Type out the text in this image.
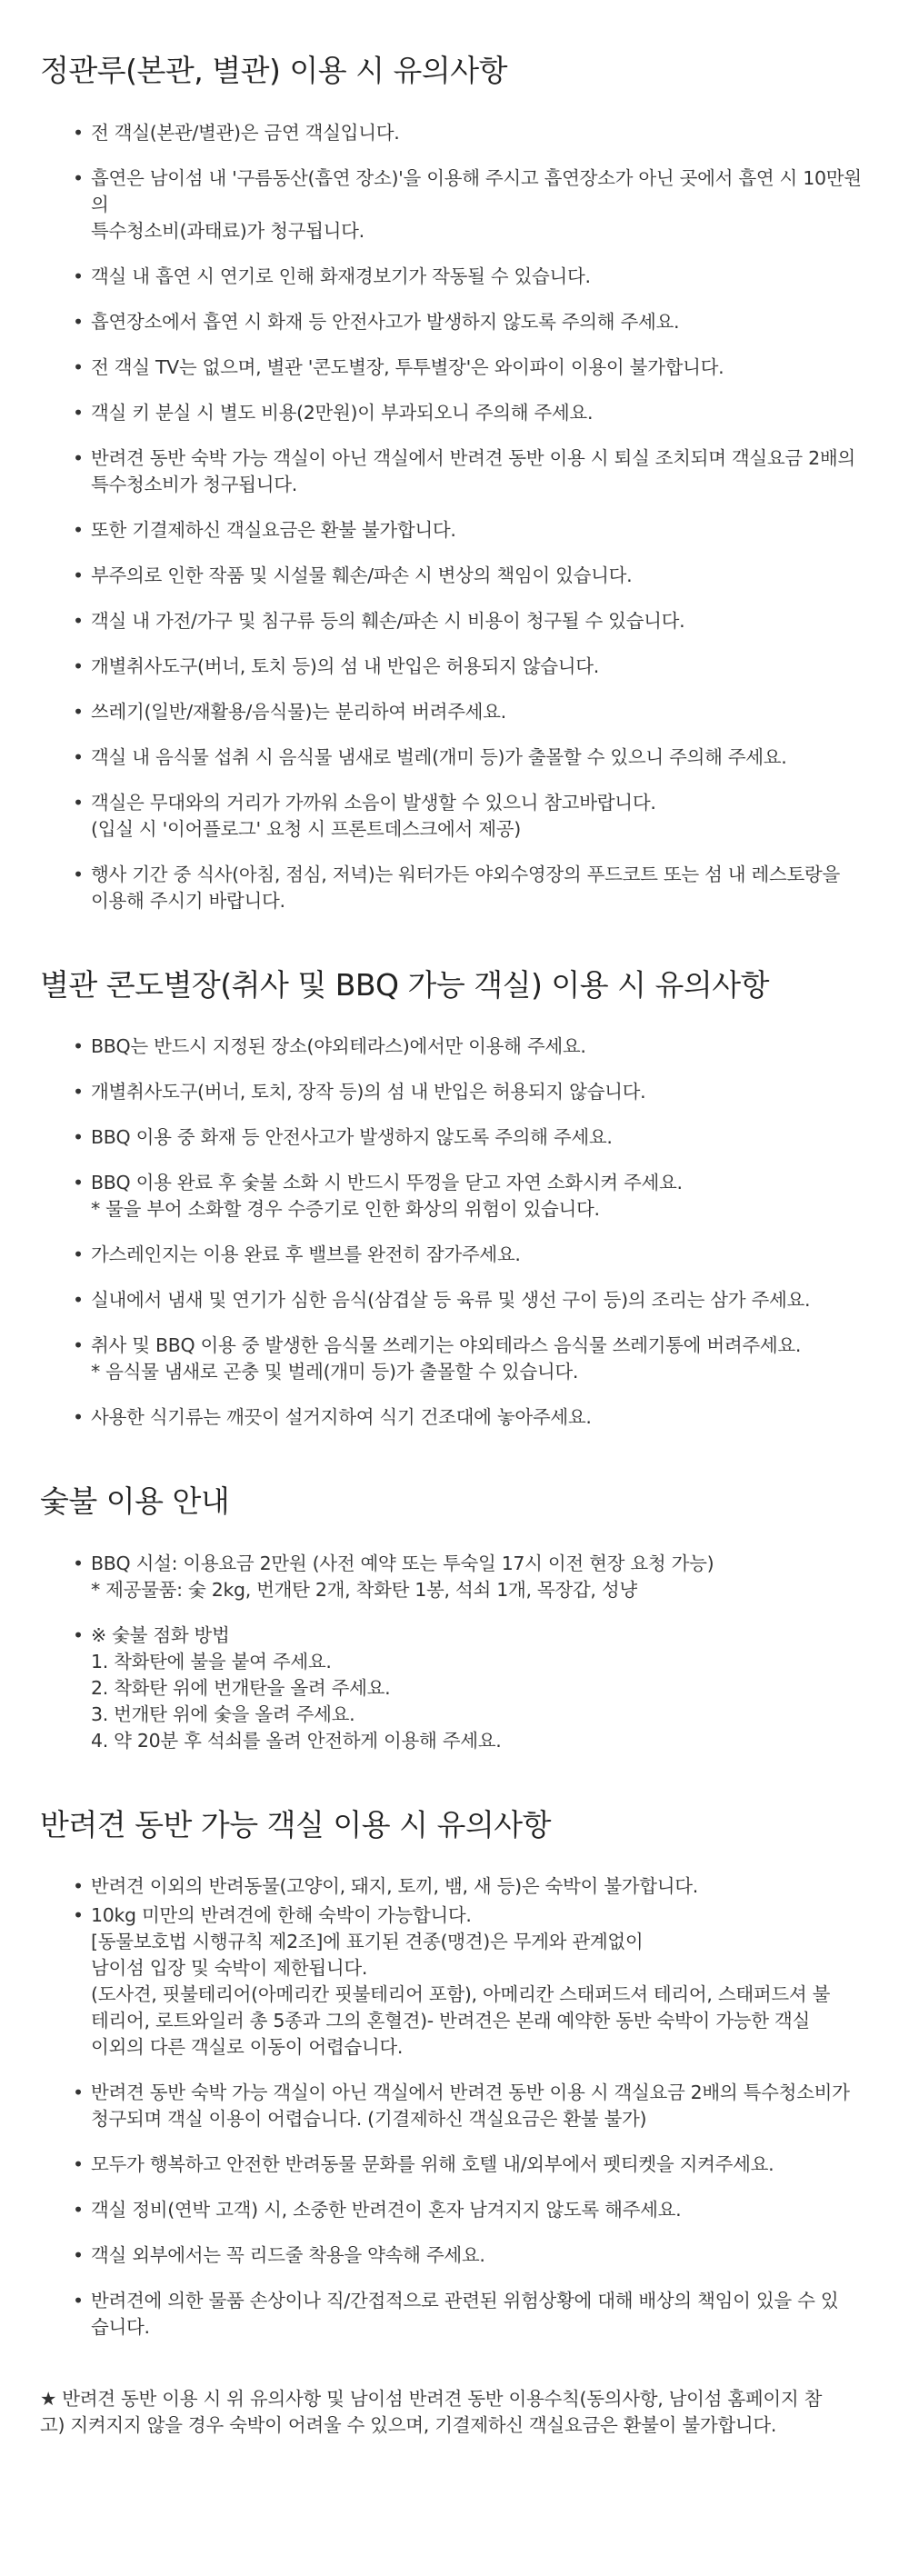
정관루(본관, 별관) 이용 시 유의사항
• 전 객실(본관/별관)은 금연 객실입니다.
• 흡연은 남이섬 내 '구름동산(흡연 장소)'을 이용해 주시고 흡연장소가 아닌 곳에서 흡연 시 10만원의
특수청소비(과태료)가 청구됩니다.
• 객실 내 흡연 시 연기로 인해 화재경보기가 작동될 수 있습니다.
• 흡연장소에서 흡연 시 화재 등 안전사고가 발생하지 않도록 주의해 주세요.
• 전 객실 TV는 없으며, 별관 '콘도별장, 투투별장'은 와이파이 이용이 불가합니다.
• 객실 키 분실 시 별도 비용(2만원)이 부과되오니 주의해 주세요.
• 반려견 동반 숙박 가능 객실이 아닌 객실에서 반려견 동반 이용 시 퇴실 조치되며 객실요금 2배의
특수청소비가 청구됩니다.
• 또한 기결제하신 객실요금은 환불 불가합니다.
• 부주의로 인한 작품 및 시설물 훼손/파손 시 변상의 책임이 있습니다.
• 객실 내 가전/가구 및 침구류 등의 훼손/파손 시 비용이 청구될 수 있습니다.
• 개별취사도구(버너, 토치 등)의 섬 내 반입은 허용되지 않습니다.
• 쓰레기(일반/재활용/음식물)는 분리하여 버려주세요.
• 객실 내 음식물 섭취 시 음식물 냄새로 벌레(개미 등)가 출몰할 수 있으니 주의해 주세요.
• 객실은 무대와의 거리가 가까워 소음이 발생할 수 있으니 참고바랍니다.
(입실 시 '이어플로그' 요청 시 프론트데스크에서 제공)
• 행사 기간 중 식사(아침, 점심, 저녁)는 워터가든 야외수영장의 푸드코트 또는 섬 내 레스토랑을
이용해 주시기 바랍니다.
별관 콘도별장(취사 및 BBQ 가능 객실) 이용 시 유의사항
• BBQ는 반드시 지정된 장소(야외테라스)에서만 이용해 주세요.
• 개별취사도구(버너, 토치, 장작 등)의 섬 내 반입은 허용되지 않습니다.
• BBQ 이용 중 화재 등 안전사고가 발생하지 않도록 주의해 주세요.
• BBQ 이용 완료 후 숯불 소화 시 반드시 뚜껑을 닫고 자연 소화시켜 주세요.
* 물을 부어 소화할 경우 수증기로 인한 화상의 위험이 있습니다.
• 가스레인지는 이용 완료 후 밸브를 완전히 잠가주세요.
• 실내에서 냄새 및 연기가 심한 음식(삼겹살 등 육류 및 생선 구이 등)의 조리는 삼가 주세요.
• 취사 및 BBQ 이용 중 발생한 음식물 쓰레기는 야외테라스 음식물 쓰레기통에 버려주세요.
* 음식물 냄새로 곤충 및 벌레(개미 등)가 출몰할 수 있습니다.
• 사용한 식기류는 깨끗이 설거지하여 식기 건조대에 놓아주세요.
숯불 이용 안내
• BBQ 시설: 이용요금 2만원 (사전 예약 또는 투숙일 17시 이전 현장 요청 가능)
* 제공물품: 숯 2kg, 번개탄 2개, 착화탄 1봉, 석쇠 1개, 목장갑, 성냥
• ※ 숯불 점화 방법
1. 착화탄에 불을 붙여 주세요.
2. 착화탄 위에 번개탄을 올려 주세요.
3. 번개탄 위에 숯을 올려 주세요.
4. 약 20분 후 석쇠를 올려 안전하게 이용해 주세요.
반려견 동반 가능 객실 이용 시 유의사항
• 반려견 이외의 반려동물(고양이, 돼지, 토끼, 뱀, 새 등)은 숙박이 불가합니다.
• 10kg 미만의 반려견에 한해 숙박이 가능합니다.
[동물보호법 시행규칙 제2조]에 표기된 견종(맹견)은 무게와 관계없이
남이섬 입장 및 숙박이 제한됩니다.
(도사견, 핏불테리어(아메리칸 핏불테리어 포함), 아메리칸 스태퍼드셔 테리어, 스태퍼드셔 불
테리어, 로트와일러 총 5종과 그의 혼혈견)- 반려견은 본래 예약한 동반 숙박이 가능한 객실
이외의 다른 객실로 이동이 어렵습니다.
• 반려견 동반 숙박 가능 객실이 아닌 객실에서 반려견 동반 이용 시 객실요금 2배의 특수청소비가
청구되며 객실 이용이 어렵습니다. (기결제하신 객실요금은 환불 불가)
• 모두가 행복하고 안전한 반려동물 문화를 위해 호텔 내/외부에서 펫티켓을 지켜주세요.
• 객실 정비(연박 고객) 시, 소중한 반려견이 혼자 남겨지지 않도록 해주세요.
• 객실 외부에서는 꼭 리드줄 착용을 약속해 주세요.
• 반려견에 의한 물품 손상이나 직/간접적으로 관련된 위험상황에 대해 배상의 책임이 있을 수 있
습니다.

★ 반려견 동반 이용 시 위 유의사항 및 남이섬 반려견 동반 이용수칙(동의사항, 남이섬 홈페이지 참
고) 지켜지지 않을 경우 숙박이 어려울 수 있으며, 기결제하신 객실요금은 환불이 불가합니다.
